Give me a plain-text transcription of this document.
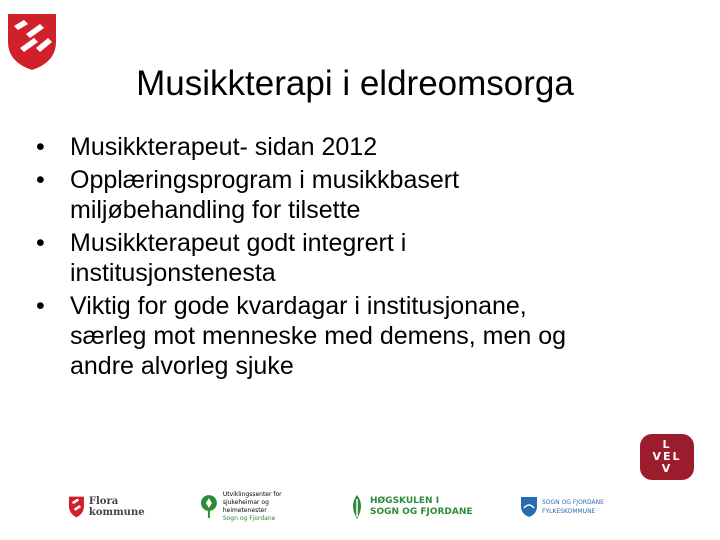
Musikkterapi i eldreomsorga
•	Musikkterapeut- sidan 2012
•	Opplæringsprogram i musikkbasert
miljøbehandling for tilsette
•	Musikkterapeut godt integrert i
institusjonstenesta
•	Viktig for gode kvardagar i institusjonane,
særleg mot menneske med demens, men og
andre alvorleg sjuke
L
VEL
V
Flora kommune
Utviklingssenter for
sjukeheimar og heimetenester
Sogn og Fjordane
HØGSKULEN I
SOGN OG FJORDANE
SOGN OG FJORDANE
FYLKESKOMMUNE
